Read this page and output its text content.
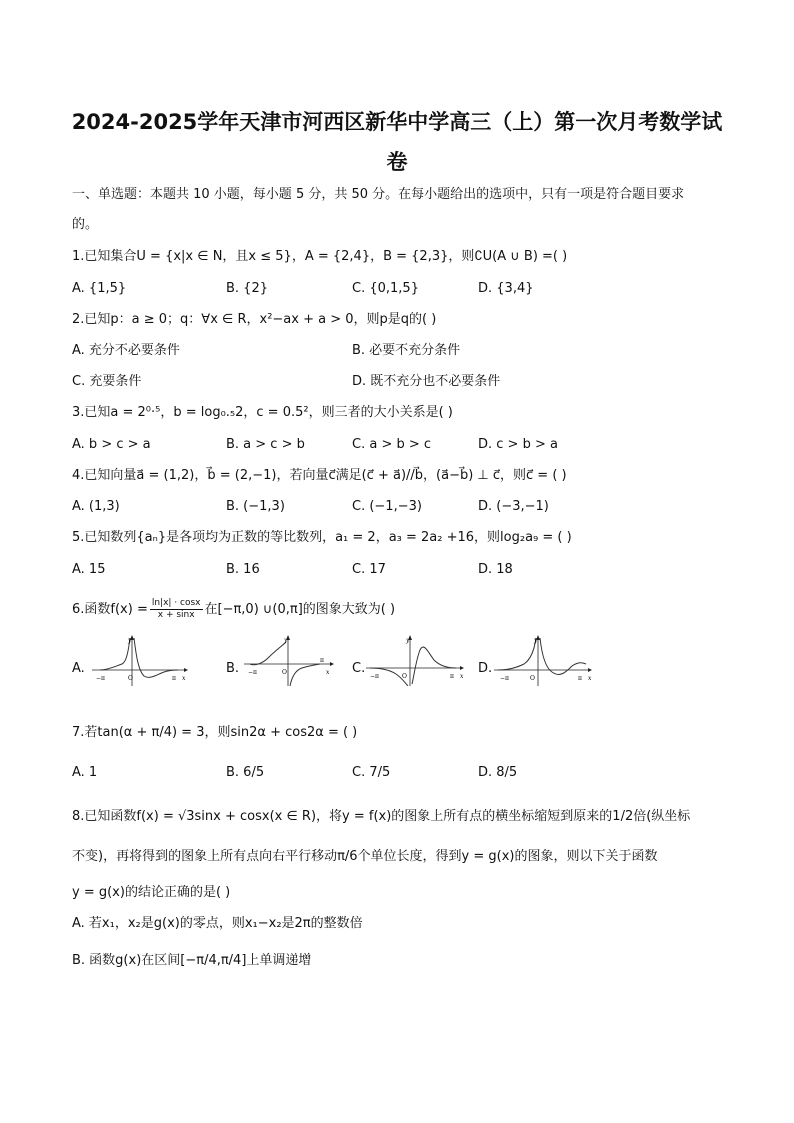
2024-2025学年天津市河西区新华中学高三（上）第一次月考数学试
卷
一、单选题：本题共 10 小题，每小题 5 分，共 50 分。在每小题给出的选项中，只有一项是符合题目要求
的。
1.已知集合U = {x|x ∈ N，且x ≤ 5}，A = {2,4}，B = {2,3}，则∁U(A ∪ B) =( )
A. {1,5}	B. {2}	C. {0,1,5}	D. {3,4}
2.已知p：a ≥ 0；q：∀x ∈ R，x²−ax + a > 0，则p是q的( )
A. 充分不必要条件	B. 必要不充分条件
C. 充要条件	D. 既不充分也不必要条件
3.已知a = 2⁰·⁵，b = log₀.₅2，c = 0.5²，则三者的大小关系是( )
A. b > c > a	B. a > c > b	C. a > b > c	D. c > b > a
4.已知向量a⃗ = (1,2)，b⃗ = (2,−1)，若向量c⃗满足(c⃗ + a⃗)//b⃗，(a⃗−b⃗) ⊥ c⃗，则c⃗ = ( )
A. (1,3)	B. (−1,3)	C. (−1,−3)	D. (−3,−1)
5.已知数列{aₙ}是各项均为正数的等比数列，a₁ = 2，a₃ = 2a₂ +16，则log₂a₉ = ( )
A. 15	B. 16	C. 17	D. 18
6.函数$f(x) = \frac{\ln|x| \cdot \cos x}{x + \sin x}$ 在[−π,0) ∪(0,π]的图象大致为( )
A.	B.	C.	D.
y
x
−π	O	π
y
x
−π	O
π
y
x
−π	O	π
y
x
−π	O	π
7.若tan(α + π/4) = 3，则sin2α + cos2α = ( )
A. 1	B. 6/5	C. 7/5	D. 8/5
8.已知函数f(x) = √3sinx + cosx(x ∈ R)，将y = f(x)的图象上所有点的横坐标缩短到原来的1/2倍(纵坐标
不变)，再将得到的图象上所有点向右平行移动π/6个单位长度，得到y = g(x)的图象，则以下关于函数
y = g(x)的结论正确的是( )
A. 若x₁，x₂是g(x)的零点，则x₁−x₂是2π的整数倍
B. 函数g(x)在区间[−π/4,π/4]上单调递增
